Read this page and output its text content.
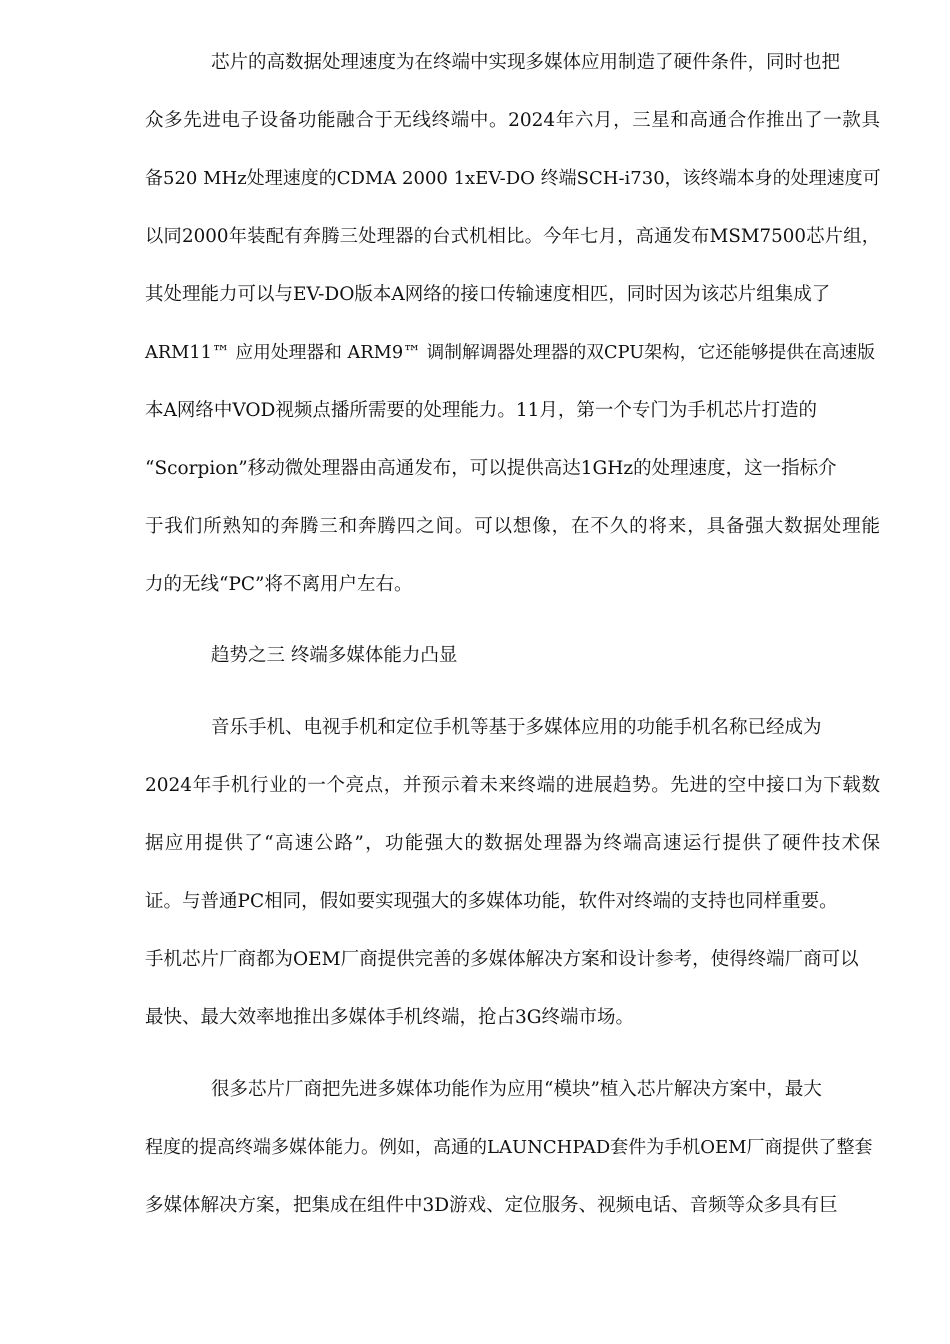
芯片的高数据处理速度为在终端中实现多媒体应用制造了硬件条件，同时也把
众多先进电子设备功能融合于无线终端中。2024年六月，三星和高通合作推出了一款具
备520 MHz处理速度的CDMA 2000 1xEV-DO 终端SCH-i730，该终端本身的处理速度可
以同2000年装配有奔腾三处理器的台式机相比。今年七月，高通发布MSM7500芯片组，
其处理能力可以与EV-DO版本A网络的接口传输速度相匹，同时因为该芯片组集成了
ARM11™ 应用处理器和 ARM9™ 调制解调器处理器的双CPU架构，它还能够提供在高速版
本A网络中VOD视频点播所需要的处理能力。11月，第一个专门为手机芯片打造的
“Scorpion”移动微处理器由高通发布，可以提供高达1GHz的处理速度，这一指标介
于我们所熟知的奔腾三和奔腾四之间。可以想像，在不久的将来，具备强大数据处理能
力的无线“PC”将不离用户左右。
趋势之三 终端多媒体能力凸显
音乐手机、电视手机和定位手机等基于多媒体应用的功能手机名称已经成为
2024年手机行业的一个亮点，并预示着未来终端的进展趋势。先进的空中接口为下载数
据应用提供了“高速公路”，功能强大的数据处理器为终端高速运行提供了硬件技术保
证。与普通PC相同，假如要实现强大的多媒体功能，软件对终端的支持也同样重要。
手机芯片厂商都为OEM厂商提供完善的多媒体解决方案和设计参考，使得终端厂商可以
最快、最大效率地推出多媒体手机终端，抢占3G终端市场。
很多芯片厂商把先进多媒体功能作为应用“模块”植入芯片解决方案中，最大
程度的提高终端多媒体能力。例如，高通的LAUNCHPAD套件为手机OEM厂商提供了整套
多媒体解决方案，把集成在组件中3D游戏、定位服务、视频电话、音频等众多具有巨
